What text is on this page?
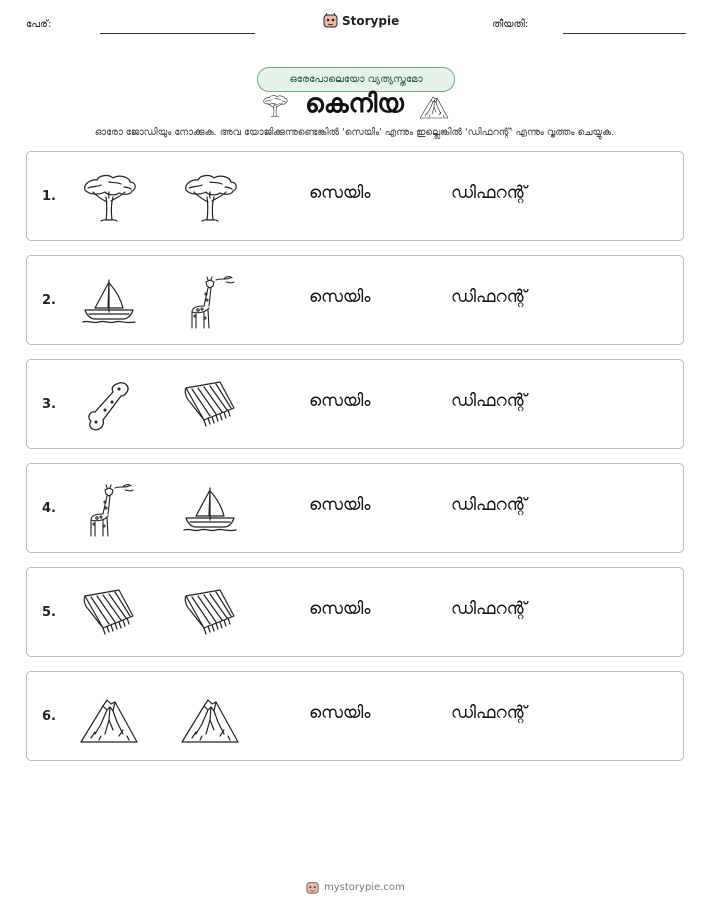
പേര്:	Storypie	തീയതി:
ഒരേപോലെയോ വ്യത്യസ്തമോ
കെനിയ
ഓരോ ജോഡിയും നോക്കുക. അവ യോജിക്കുന്നുണ്ടെങ്കിൽ 'സെയിം' എന്നും ഇല്ലെങ്കിൽ 'ഡിഫറന്റ്' എന്നും വൃത്തം ചെയ്യുക.
1.	സെയിം	ഡിഫറന്റ്
2.	സെയിം	ഡിഫറന്റ്
3.	സെയിം	ഡിഫറന്റ്
4.	സെയിം	ഡിഫറന്റ്
5.	സെയിം	ഡിഫറന്റ്
6.	സെയിം	ഡിഫറന്റ്
mystorypie.com
